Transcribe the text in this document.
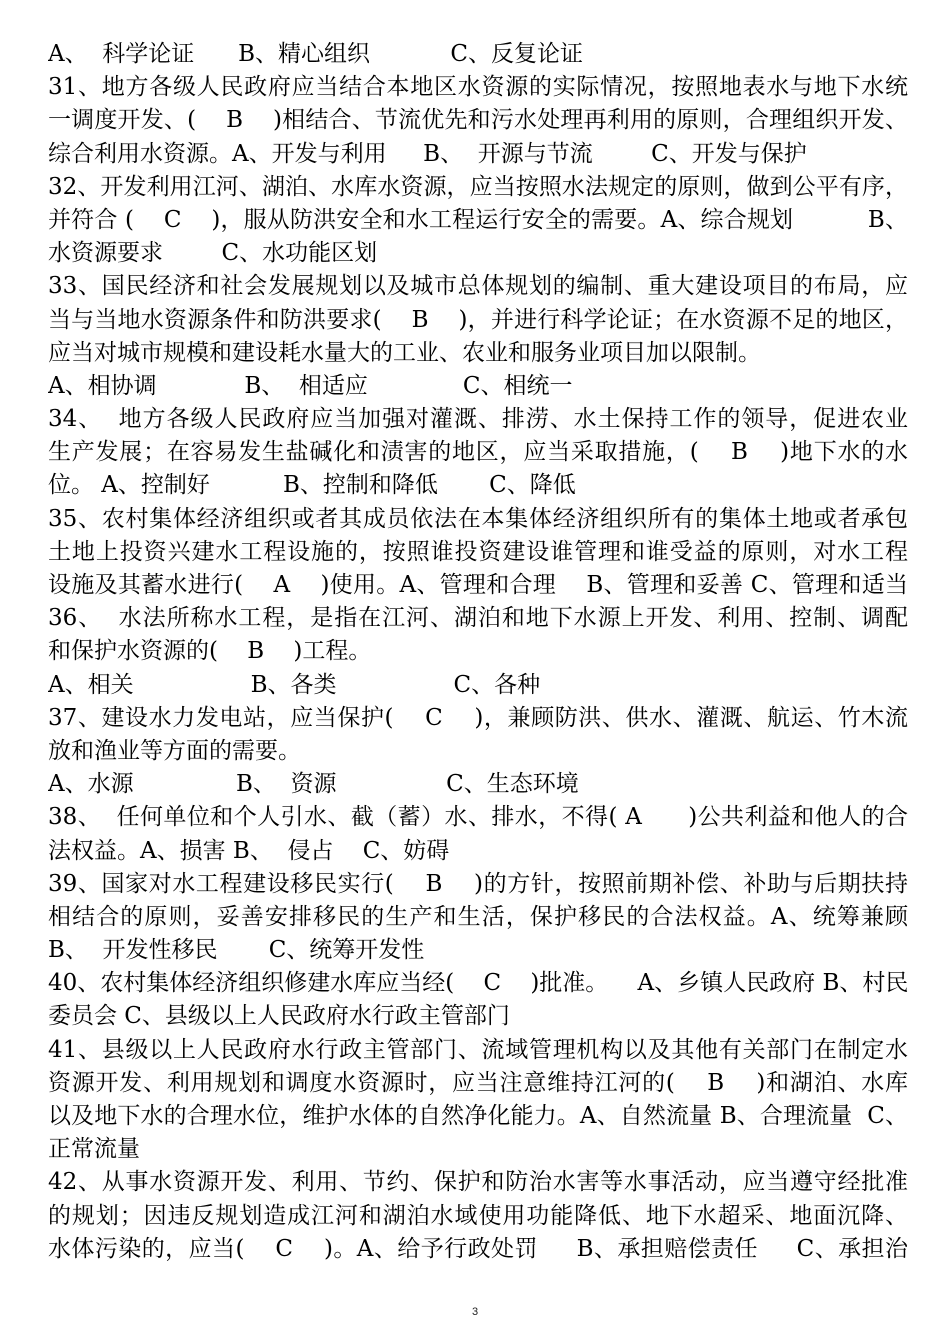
A、  科学论证      B、精心组织           C、反复论证
31、地方各级人民政府应当结合本地区水资源的实际情况，按照地表水与地下水统
一调度开发、(    B    )相结合、节流优先和污水处理再利用的原则，合理组织开发、
综合利用水资源。A、开发与利用     B、  开源与节流        C、开发与保护
32、开发利用江河、湖泊、水库水资源，应当按照水法规定的原则，做到公平有序，
并符合 (    C    )，服从防洪安全和水工程运行安全的需要。A、综合规划          B、
水资源要求        C、水功能区划
33、国民经济和社会发展规划以及城市总体规划的编制、重大建设项目的布局，应
当与当地水资源条件和防洪要求(    B    )，并进行科学论证；在水资源不足的地区，
应当对城市规模和建设耗水量大的工业、农业和服务业项目加以限制。
A、相协调            B、  相适应             C、相统一
34、  地方各级人民政府应当加强对灌溉、排涝、水土保持工作的领导，促进农业
生产发展；在容易发生盐碱化和渍害的地区，应当采取措施，(    B    )地下水的水
位。 A、控制好          B、控制和降低       C、降低
35、农村集体经济组织或者其成员依法在本集体经济组织所有的集体土地或者承包
土地上投资兴建水工程设施的，按照谁投资建设谁管理和谁受益的原则，对水工程
设施及其蓄水进行(    A    )使用。A、管理和合理    B、管理和妥善 C、管理和适当
36、  水法所称水工程，是指在江河、湖泊和地下水源上开发、利用、控制、调配
和保护水资源的(    B    )工程。
A、相关                B、各类                C、各种
37、建设水力发电站，应当保护(    C    )，兼顾防洪、供水、灌溉、航运、竹木流
放和渔业等方面的需要。
A、水源              B、  资源               C、生态环境
38、  任何单位和个人引水、截（蓄）水、排水，不得( A      )公共利益和他人的合
法权益。A、损害 B、  侵占    C、妨碍
39、国家对水工程建设移民实行(    B    )的方针，按照前期补偿、补助与后期扶持
相结合的原则，妥善安排移民的生产和生活，保护移民的合法权益。A、统筹兼顾
B、  开发性移民       C、统筹开发性
40、农村集体经济组织修建水库应当经(    C    )批准。    A、乡镇人民政府 B、村民
委员会 C、县级以上人民政府水行政主管部门
41、县级以上人民政府水行政主管部门、流域管理机构以及其他有关部门在制定水
资源开发、利用规划和调度水资源时，应当注意维持江河的(    B    )和湖泊、水库
以及地下水的合理水位，维护水体的自然净化能力。A、自然流量 B、合理流量  C、
正常流量
42、从事水资源开发、利用、节约、保护和防治水害等水事活动，应当遵守经批准
的规划；因违反规划造成江河和湖泊水域使用功能降低、地下水超采、地面沉降、
水体污染的，应当(    C    )。A、给予行政处罚     B、承担赔偿责任     C、承担治
3
